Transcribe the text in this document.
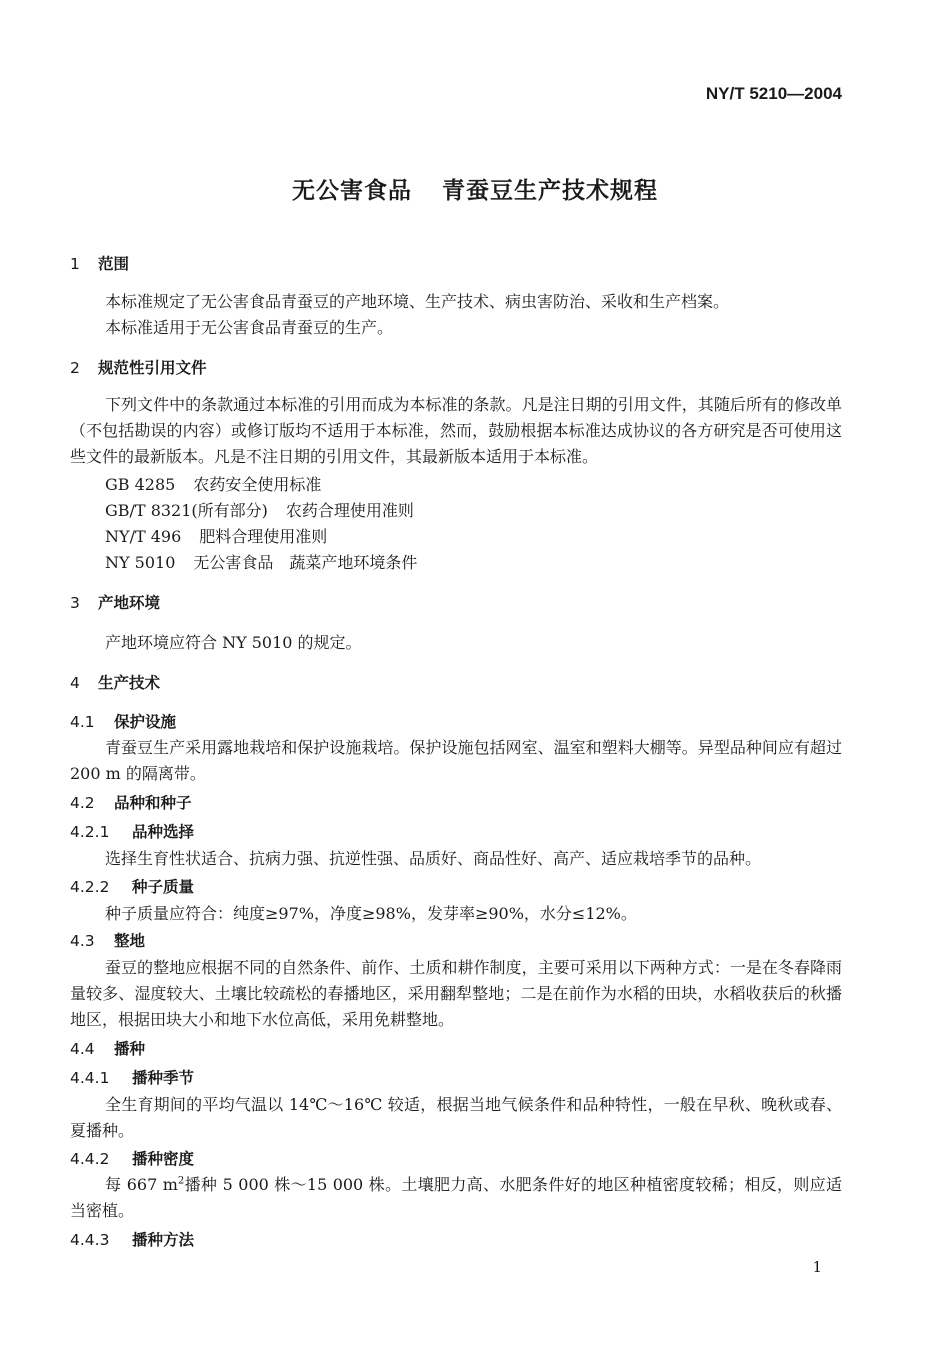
NY/T 5210—2004
无公害食品 青蚕豆生产技术规程
1 范围
本标准规定了无公害食品青蚕豆的产地环境、生产技术、病虫害防治、采收和生产档案。
本标准适用于无公害食品青蚕豆的生产。
2 规范性引用文件
下列文件中的条款通过本标准的引用而成为本标准的条款。凡是注日期的引用文件，其随后所有的修改单（不包括勘误的内容）或修订版均不适用于本标准，然而，鼓励根据本标准达成协议的各方研究是否可使用这些文件的最新版本。凡是不注日期的引用文件，其最新版本适用于本标准。
GB 4285 农药安全使用标准
GB/T 8321(所有部分) 农药合理使用准则
NY/T 496 肥料合理使用准则
NY 5010 无公害食品　蔬菜产地环境条件
3 产地环境
产地环境应符合 NY 5010 的规定。
4 生产技术
4.1 保护设施
青蚕豆生产采用露地栽培和保护设施栽培。保护设施包括网室、温室和塑料大棚等。异型品种间应有超过 200 m 的隔离带。
4.2 品种和种子
4.2.1 品种选择
选择生育性状适合、抗病力强、抗逆性强、品质好、商品性好、高产、适应栽培季节的品种。
4.2.2 种子质量
种子质量应符合：纯度≥97%，净度≥98%，发芽率≥90%，水分≤12%。
4.3 整地
蚕豆的整地应根据不同的自然条件、前作、土质和耕作制度，主要可采用以下两种方式：一是在冬春降雨量较多、湿度较大、土壤比较疏松的春播地区，采用翻犁整地；二是在前作为水稻的田块，水稻收获后的秋播地区，根据田块大小和地下水位高低，采用免耕整地。
4.4 播种
4.4.1 播种季节
全生育期间的平均气温以 14℃～16℃ 较适，根据当地气候条件和品种特性，一般在早秋、晚秋或春、夏播种。
4.4.2 播种密度
每 667 $m^2$播种 5 000 株～15 000 株。土壤肥力高、水肥条件好的地区种植密度较稀；相反，则应适当密植。
4.4.3 播种方法
1
